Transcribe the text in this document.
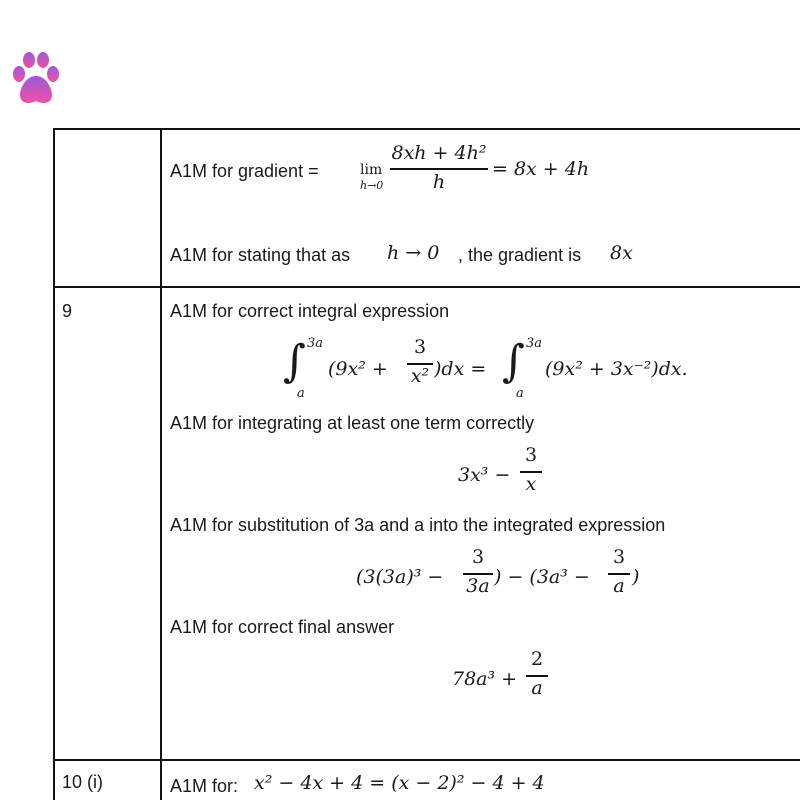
9
10 (i)
A1M for gradient =	lim
h→0
8xh + 4h²
h
= 8x + 4h
A1M for stating that as h → 0 , the gradient is 8x
A1M for correct integral expression
∫ 3a
a
(9x² +
3
x² )dx = ∫ 3a
a
(9x² + 3x⁻²)dx.
A1M for integrating at least one term correctly
3x³ −
3
x
A1M for substitution of 3a and a into the integrated expression
(3(3a)³ −
3
3a ) − (3a³ −
3
a )
A1M for correct final answer
78a³ +
2
a
A1M for: x² − 4x + 4 = (x − 2)² − 4 + 4
